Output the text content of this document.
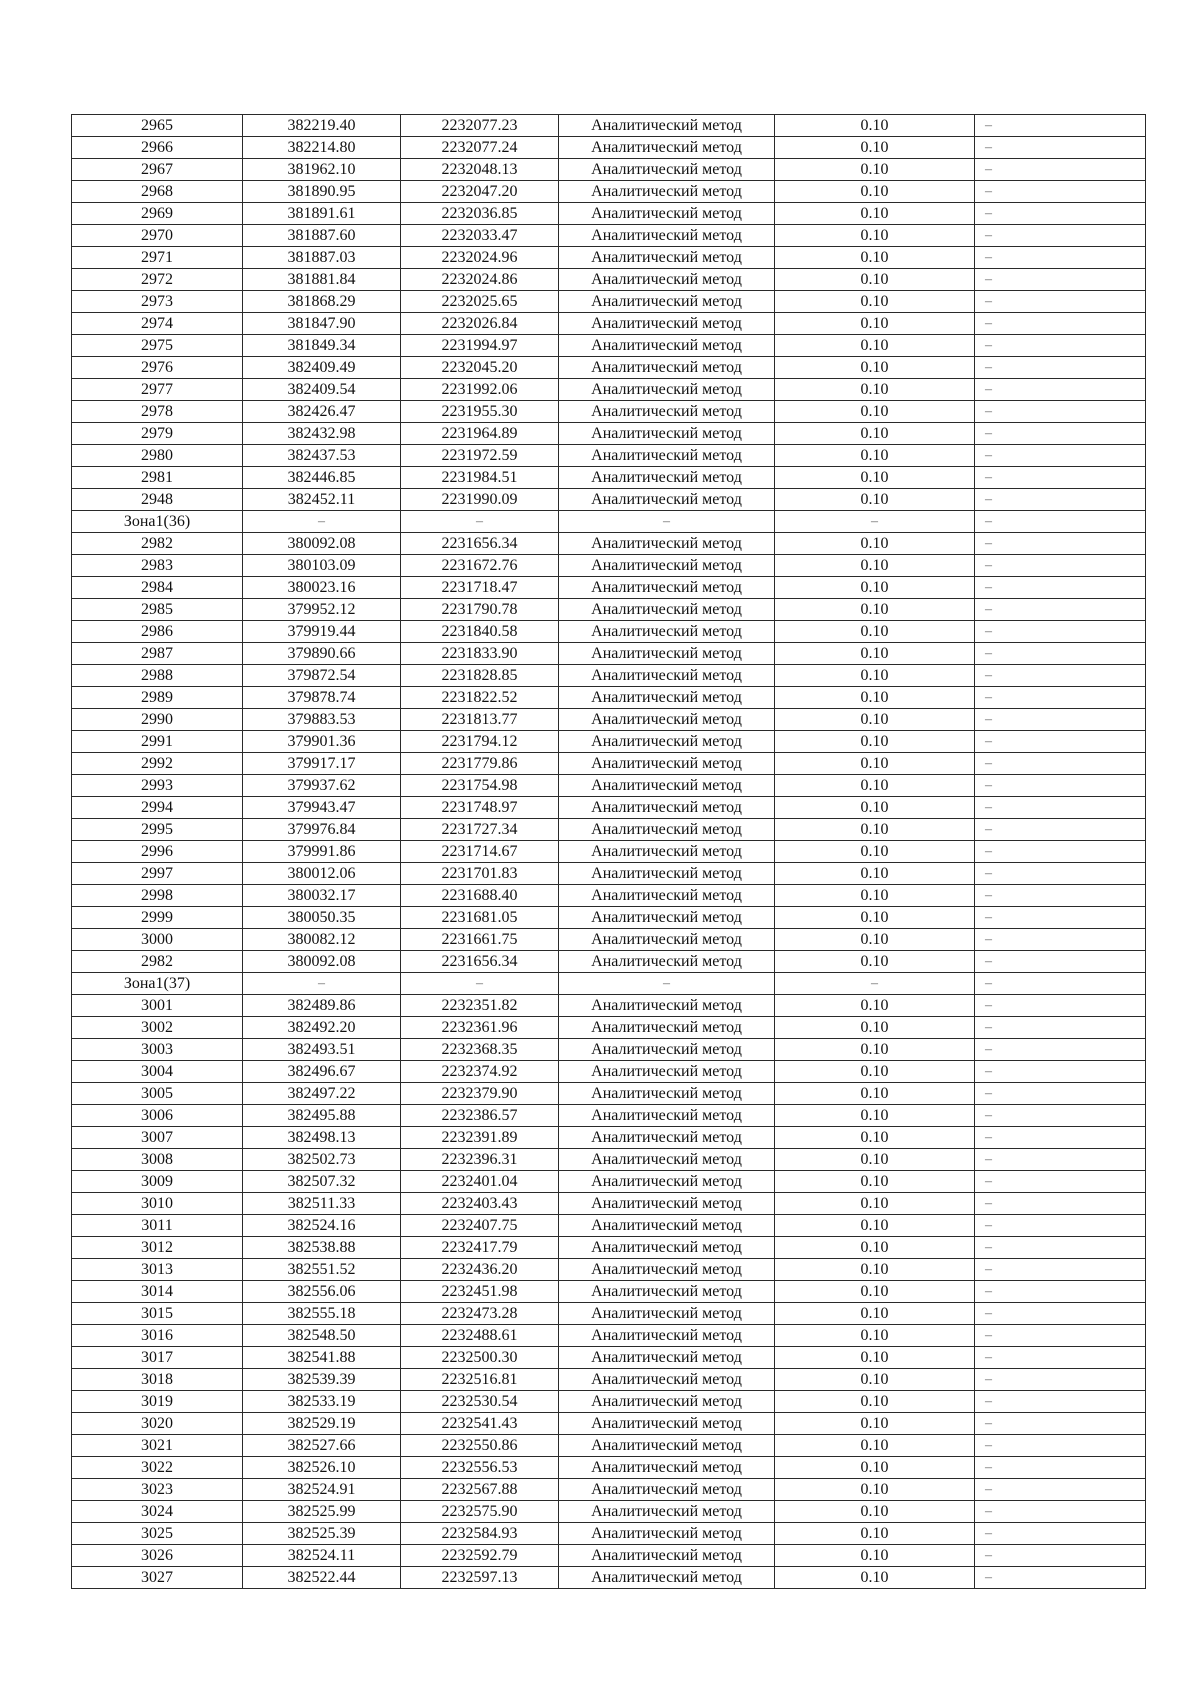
2965	382219.40	2232077.23	Аналитический метод	0.10	–
2966	382214.80	2232077.24	Аналитический метод	0.10	–
2967	381962.10	2232048.13	Аналитический метод	0.10	–
2968	381890.95	2232047.20	Аналитический метод	0.10	–
2969	381891.61	2232036.85	Аналитический метод	0.10	–
2970	381887.60	2232033.47	Аналитический метод	0.10	–
2971	381887.03	2232024.96	Аналитический метод	0.10	–
2972	381881.84	2232024.86	Аналитический метод	0.10	–
2973	381868.29	2232025.65	Аналитический метод	0.10	–
2974	381847.90	2232026.84	Аналитический метод	0.10	–
2975	381849.34	2231994.97	Аналитический метод	0.10	–
2976	382409.49	2232045.20	Аналитический метод	0.10	–
2977	382409.54	2231992.06	Аналитический метод	0.10	–
2978	382426.47	2231955.30	Аналитический метод	0.10	–
2979	382432.98	2231964.89	Аналитический метод	0.10	–
2980	382437.53	2231972.59	Аналитический метод	0.10	–
2981	382446.85	2231984.51	Аналитический метод	0.10	–
2948	382452.11	2231990.09	Аналитический метод	0.10	–
Зона1(36)	–	–	–	–	–
2982	380092.08	2231656.34	Аналитический метод	0.10	–
2983	380103.09	2231672.76	Аналитический метод	0.10	–
2984	380023.16	2231718.47	Аналитический метод	0.10	–
2985	379952.12	2231790.78	Аналитический метод	0.10	–
2986	379919.44	2231840.58	Аналитический метод	0.10	–
2987	379890.66	2231833.90	Аналитический метод	0.10	–
2988	379872.54	2231828.85	Аналитический метод	0.10	–
2989	379878.74	2231822.52	Аналитический метод	0.10	–
2990	379883.53	2231813.77	Аналитический метод	0.10	–
2991	379901.36	2231794.12	Аналитический метод	0.10	–
2992	379917.17	2231779.86	Аналитический метод	0.10	–
2993	379937.62	2231754.98	Аналитический метод	0.10	–
2994	379943.47	2231748.97	Аналитический метод	0.10	–
2995	379976.84	2231727.34	Аналитический метод	0.10	–
2996	379991.86	2231714.67	Аналитический метод	0.10	–
2997	380012.06	2231701.83	Аналитический метод	0.10	–
2998	380032.17	2231688.40	Аналитический метод	0.10	–
2999	380050.35	2231681.05	Аналитический метод	0.10	–
3000	380082.12	2231661.75	Аналитический метод	0.10	–
2982	380092.08	2231656.34	Аналитический метод	0.10	–
Зона1(37)	–	–	–	–	–
3001	382489.86	2232351.82	Аналитический метод	0.10	–
3002	382492.20	2232361.96	Аналитический метод	0.10	–
3003	382493.51	2232368.35	Аналитический метод	0.10	–
3004	382496.67	2232374.92	Аналитический метод	0.10	–
3005	382497.22	2232379.90	Аналитический метод	0.10	–
3006	382495.88	2232386.57	Аналитический метод	0.10	–
3007	382498.13	2232391.89	Аналитический метод	0.10	–
3008	382502.73	2232396.31	Аналитический метод	0.10	–
3009	382507.32	2232401.04	Аналитический метод	0.10	–
3010	382511.33	2232403.43	Аналитический метод	0.10	–
3011	382524.16	2232407.75	Аналитический метод	0.10	–
3012	382538.88	2232417.79	Аналитический метод	0.10	–
3013	382551.52	2232436.20	Аналитический метод	0.10	–
3014	382556.06	2232451.98	Аналитический метод	0.10	–
3015	382555.18	2232473.28	Аналитический метод	0.10	–
3016	382548.50	2232488.61	Аналитический метод	0.10	–
3017	382541.88	2232500.30	Аналитический метод	0.10	–
3018	382539.39	2232516.81	Аналитический метод	0.10	–
3019	382533.19	2232530.54	Аналитический метод	0.10	–
3020	382529.19	2232541.43	Аналитический метод	0.10	–
3021	382527.66	2232550.86	Аналитический метод	0.10	–
3022	382526.10	2232556.53	Аналитический метод	0.10	–
3023	382524.91	2232567.88	Аналитический метод	0.10	–
3024	382525.99	2232575.90	Аналитический метод	0.10	–
3025	382525.39	2232584.93	Аналитический метод	0.10	–
3026	382524.11	2232592.79	Аналитический метод	0.10	–
3027	382522.44	2232597.13	Аналитический метод	0.10	–
